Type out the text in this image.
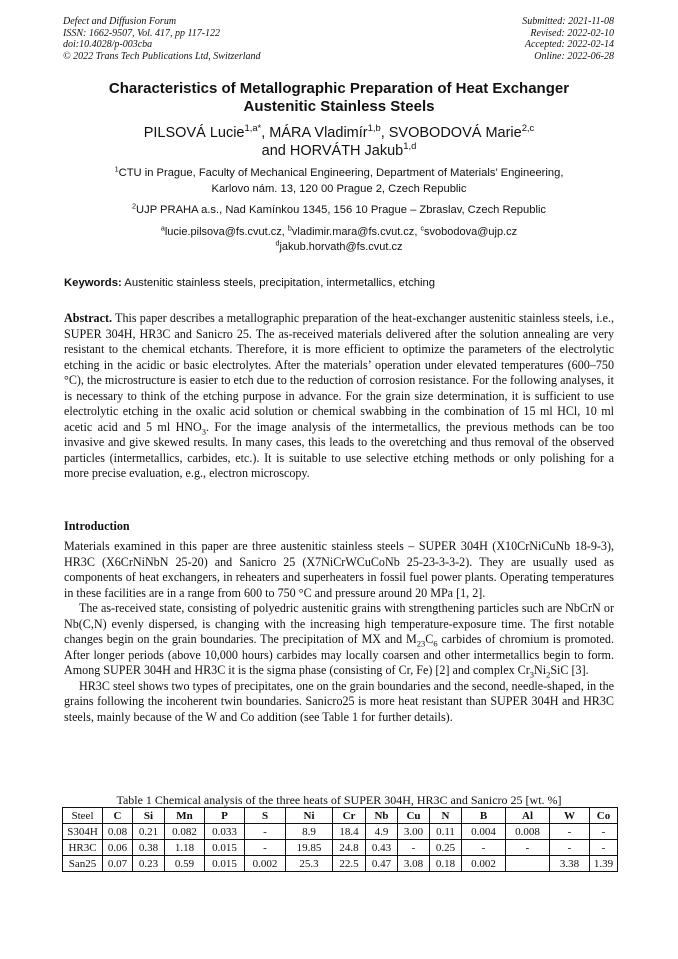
Defect and Diffusion Forum
ISSN: 1662-9507, Vol. 417, pp 117-122
doi:10.4028/p-003cba
© 2022 Trans Tech Publications Ltd, Switzerland
Submitted: 2021-11-08
Revised: 2022-02-10
Accepted: 2022-02-14
Online: 2022-06-28
Characteristics of Metallographic Preparation of Heat Exchanger
Austenitic Stainless Steels
PILSOVÁ Lucie$^{1,a*}$, MÁRA Vladimír$^{1,b}$, SVOBODOVÁ Marie$^{2,c}$
and HORVÁTH Jakub$^{1,d}$
$^1$CTU in Prague, Faculty of Mechanical Engineering, Department of Materials’ Engineering,
Karlovo nám. 13, 120 00 Prague 2, Czech Republic
$^2$UJP PRAHA a.s., Nad Kamínkou 1345, 156 10 Prague – Zbraslav, Czech Republic
$^a$lucie.pilsova@fs.cvut.cz, $^b$vladimir.mara@fs.cvut.cz, $^c$svobodova@ujp.cz
$^d$jakub.horvath@fs.cvut.cz
Keywords: Austenitic stainless steels, precipitation, intermetallics, etching

Abstract. This paper describes a metallographic preparation of the heat-exchanger austenitic stainless steels, i.e., SUPER 304H, HR3C and Sanicro 25. The as-received materials delivered after the solution annealing are very resistant to the chemical etchants. Therefore, it is more efficient to optimize the parameters of the electrolytic etching in the acidic or basic electrolytes. After the materials’ operation under elevated temperatures (600–750 °C), the microstructure is easier to etch due to the reduction of corrosion resistance. For the following analyses, it is necessary to think of the etching purpose in advance. For the grain size determination, it is sufficient to use electrolytic etching in the oxalic acid solution or chemical swabbing in the combination of 15 ml HCl, 10 ml acetic acid and 5 ml $HNO_3$. For the image analysis of the intermetallics, the previous methods can be too invasive and give skewed results. In many cases, this leads to the overetching and thus removal of the observed particles (intermetallics, carbides, etc.). It is suitable to use selective etching methods or only polishing for a more precise evaluation, e.g., electron microscopy.

Introduction

Materials examined in this paper are three austenitic stainless steels – SUPER 304H (X10CrNiCuNb 18-9-3), HR3C (X6CrNiNbN 25-20) and Sanicro 25 (X7NiCrWCuCoNb 25-23-3-3-2). They are usually used as components of heat exchangers, in reheaters and superheaters in fossil fuel power plants. Operating temperatures in these facilities are in a range from 600 to 750 °C and pressure around 20 MPa [1, 2].

The as-received state, consisting of polyedric austenitic grains with strengthening particles such are NbCrN or Nb(C,N) evenly dispersed, is changing with the increasing high temperature-exposure time. The first notable changes begin on the grain boundaries. The precipitation of MX and $M_{23}C_6$ carbides of chromium is promoted. After longer periods (above 10,000 hours) carbides may locally coarsen and other intermetallics begin to form. Among SUPER 304H and HR3C it is the sigma phase (consisting of Cr, Fe) [2] and complex $Cr_3Ni_2SiC$ [3].

HR3C steel shows two types of precipitates, one on the grain boundaries and the second, needle-shaped, in the grains following the incoherent twin boundaries. Sanicro25 is more heat resistant than SUPER 304H and HR3C steels, mainly because of the W and Co addition (see Table 1 for further details).

Table 1 Chemical analysis of the three heats of SUPER 304H, HR3C and Sanicro 25 [wt. %]
Steel	C	Si	Mn	P	S	Ni	Cr	Nb	Cu	N	B	Al	W	Co
S304H	0.08	0.21	0.082	0.033	-	8.9	18.4	4.9	3.00	0.11	0.004	0.008	-	-
HR3C	0.06	0.38	1.18	0.015	-	19.85	24.8	0.43	-	0.25	-	-	-	-
San25	0.07	0.23	0.59	0.015	0.002	25.3	22.5	0.47	3.08	0.18	0.002		3.38	1.39
